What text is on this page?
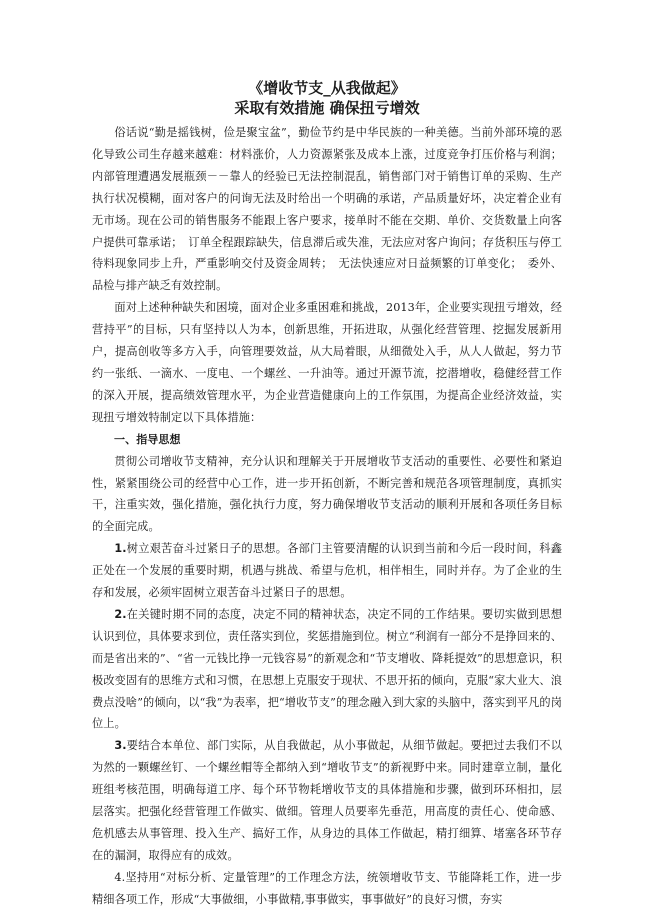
《增收节支_从我做起》
采取有效措施 确保扭亏增效

俗话说“勤是摇钱树，俭是聚宝盆”，勤俭节约是中华民族的一种美德。当前外部环境的恶化导致公司生存越来越难：材料涨价，人力资源紧张及成本上涨，过度竞争打压价格与利润；内部管理遭遇发展瓶颈－－靠人的经验已无法控制混乱，销售部门对于销售订单的采购、生产执行状况模糊，面对客户的问询无法及时给出一个明确的承诺，产品质量好坏，决定着企业有无市场。现在公司的销售服务不能跟上客户要求，接单时不能在交期、单价、交货数量上向客户提供可靠承诺；　订单全程跟踪缺失，信息滞后或失准，无法应对客户询问；存货积压与停工待料现象同步上升，严重影响交付及资金周转；　无法快速应对日益频繁的订单变化；　委外、品检与排产缺乏有效控制。

面对上述种种缺失和困境，面对企业多重困难和挑战，2013年，企业要实现扭亏增效，经营持平”的目标，只有坚持以人为本，创新思维，开拓进取，从强化经营管理、挖掘发展新用户，提高创收等多方入手，向管理要效益，从大局着眼，从细微处入手，从人人做起，努力节约一张纸、一滴水、一度电、一个螺丝、一升油等。通过开源节流，挖潜增收，稳健经营工作的深入开展，提高绩效管理水平，为企业营造健康向上的工作氛围，为提高企业经济效益，实现扭亏增效特制定以下具体措施：

一、指导思想

贯彻公司增收节支精神，充分认识和理解关于开展增收节支活动的重要性、必要性和紧迫性，紧紧围绕公司的经营中心工作，进一步开拓创新，不断完善和规范各项管理制度，真抓实干，注重实效，强化措施，强化执行力度，努力确保增收节支活动的顺利开展和各项任务目标的全面完成。

1.树立艰苦奋斗过紧日子的思想。各部门主管要清醒的认识到当前和今后一段时间，科鑫正处在一个发展的重要时期，机遇与挑战、希望与危机，相伴相生，同时并存。为了企业的生存和发展，必须牢固树立艰苦奋斗过紧日子的思想。

2.在关键时期不同的态度，决定不同的精神状态，决定不同的工作结果。要切实做到思想认识到位，具体要求到位，责任落实到位，奖惩措施到位。树立“利润有一部分不是挣回来的、而是省出来的”、“省一元钱比挣一元钱容易”的新观念和“节支增收、降耗提效”的思想意识，积极改变固有的思维方式和习惯，在思想上克服安于现状、不思开拓的倾向，克服“家大业大、浪费点没啥”的倾向，以“我”为表率，把“增收节支”的理念融入到大家的头脑中，落实到平凡的岗位上。

3.要结合本单位、部门实际，从自我做起，从小事做起，从细节做起。要把过去我们不以为然的一颗螺丝钉、一个螺丝帽等全都纳入到“增收节支”的新视野中来。同时建章立制，量化班组考核范围，明确每道工序、每个环节物耗增收节支的具体措施和步骤，做到环环相扣，层层落实。把强化经营管理工作做实、做细。管理人员要率先垂范，用高度的责任心、使命感、危机感去从事管理、投入生产、搞好工作，从身边的具体工作做起，精打细算、堵塞各环节存在的漏洞，取得应有的成效。

4.坚持用“对标分析、定量管理”的工作理念方法，统领增收节支、节能降耗工作，进一步精细各项工作，形成“大事做细，小事做精,事事做实，事事做好”的良好习惯，夯实
